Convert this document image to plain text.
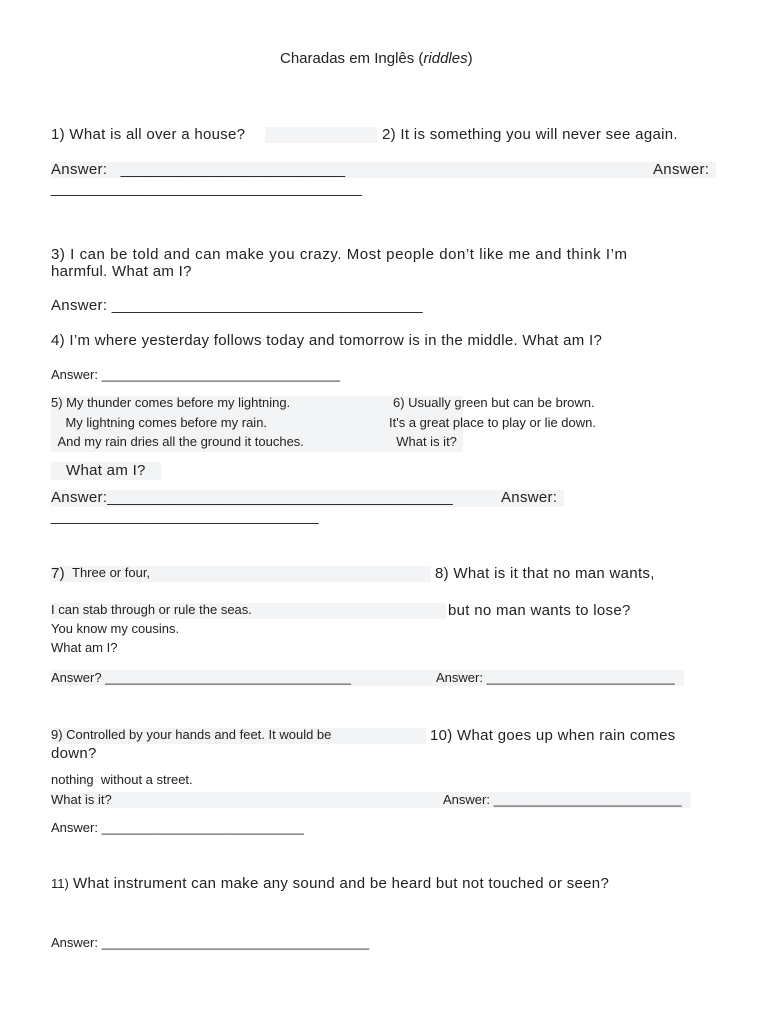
Charadas em Inglês (riddles)
1) What is all over a house?	2) It is something you will never see again.
Answer:   __________________________	Answer:
____________________________________
3) I can be told and can make you crazy. Most people don’t like me and think I’m
harmful. What am I?
Answer: ____________________________________
4) I’m where yesterday follows today and tomorrow is in the middle. What am I?
Answer: _________________________________
5) My thunder comes before my lightning.
My lightning comes before my rain.
And my rain dries all the ground it touches.
6) Usually green but can be brown.
It's a great place to play or lie down.
What is it?
What am I?
Answer:________________________________________	Answer:
_______________________________
7) Three or four,	8) What is it that no man wants,
I can stab through or rule the seas.	but no man wants to lose?
You know my cousins.
What am I?
Answer? __________________________________	Answer: __________________________
9) Controlled by your hands and feet. It would be	10) What goes up when rain comes
down?
nothing  without a street.
What is it?	Answer: __________________________
Answer: ____________________________
11) What instrument can make any sound and be heard but not touched or seen?
Answer: _____________________________________
